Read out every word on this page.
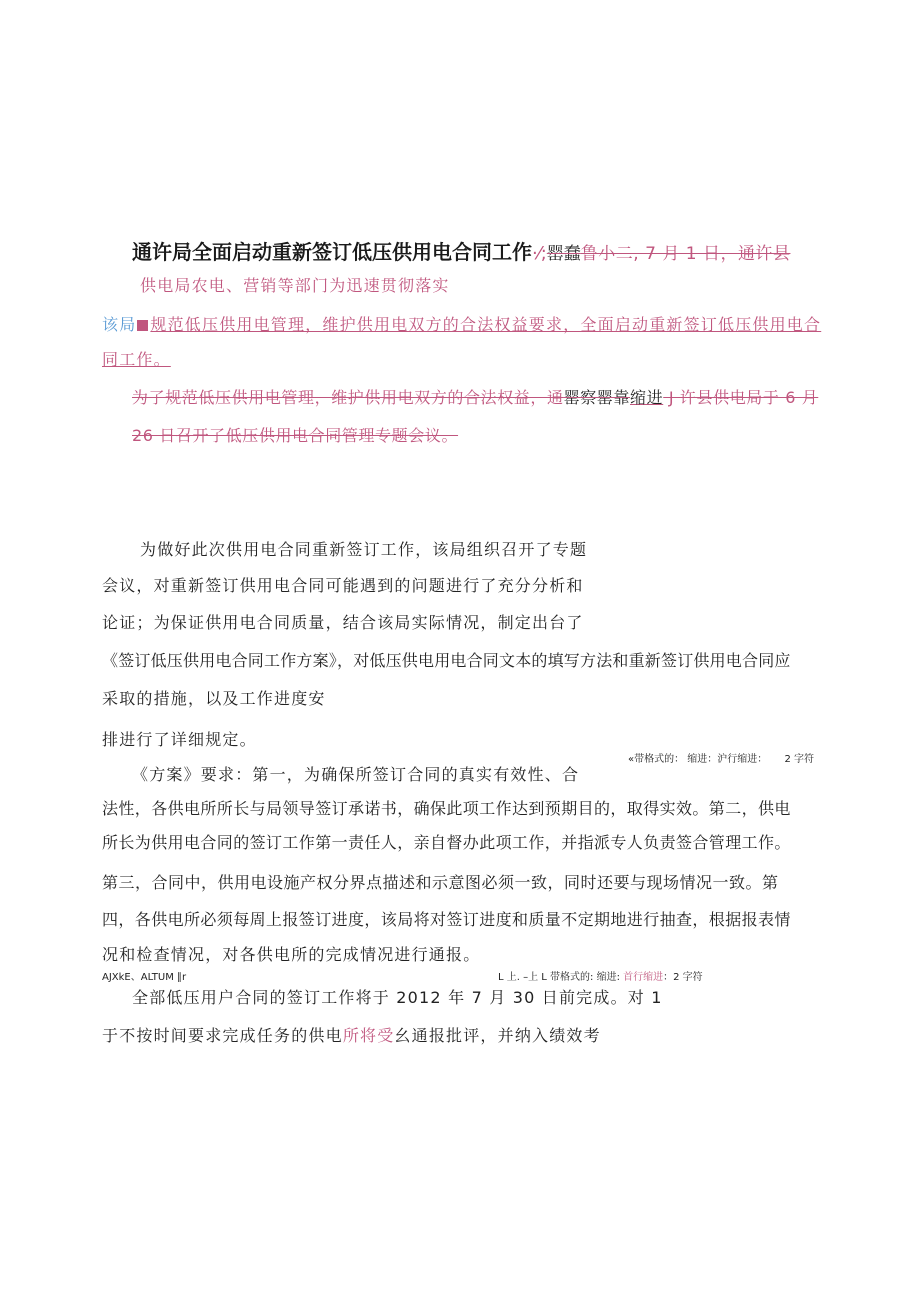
通许局全面启动重新签订低压供用电合同工作·⁄;罂蠢鲁小二, 7 月 1 日，通许县
供电局农电、营销等部门为迅速贯彻落实
该局 规范低压供用电管理，维护供用电双方的合法权益要求，全面启动重新签订低压供用电合
同工作。
为了规范低压供用电管理，维护供用电双方的合法权益，通罂察罂靠缩进 J 许县供电局于 6 月
26 日召开了低压供用电合同管理专题会议。
为做好此次供用电合同重新签订工作，该局组织召开了专题
会议，对重新签订供用电合同可能遇到的问题进行了充分分析和
论证；为保证供用电合同质量，结合该局实际情况，制定出台了
《签订低压供用电合同工作方案》，对低压供电用电合同文本的填写方法和重新签订供用电合同应
采取的措施，以及工作进度安
排进行了详细规定。
«带格式的： 缩进：沪行缩进： 2 字符
《方案》要求：第一，为确保所签订合同的真实有效性、合
法性，各供电所所长与局领导签订承诺书，确保此项工作达到预期目的，取得实效。第二，供电
所长为供用电合同的签订工作第一责任人，亲自督办此项工作，并指派专人负责签合管理工作。
第三，合同中，供用电设施产权分界点描述和示意图必须一致，同时还要与现场情况一致。第
四，各供电所必须每周上报签订进度，该局将对签订进度和质量不定期地进行抽查，根据报表情
况和检查情况，对各供电所的完成情况进行通报。
AJXkE、ALTUM ∥r	L 上. –上 L 带格式的: 缩进: 首行缩进：2 字符
全部低压用户合同的签订工作将于 2012 年 7 月 30 日前完成。对 1
于不按时间要求完成任务的供电所将受幺通报批评，并纳入绩效考
